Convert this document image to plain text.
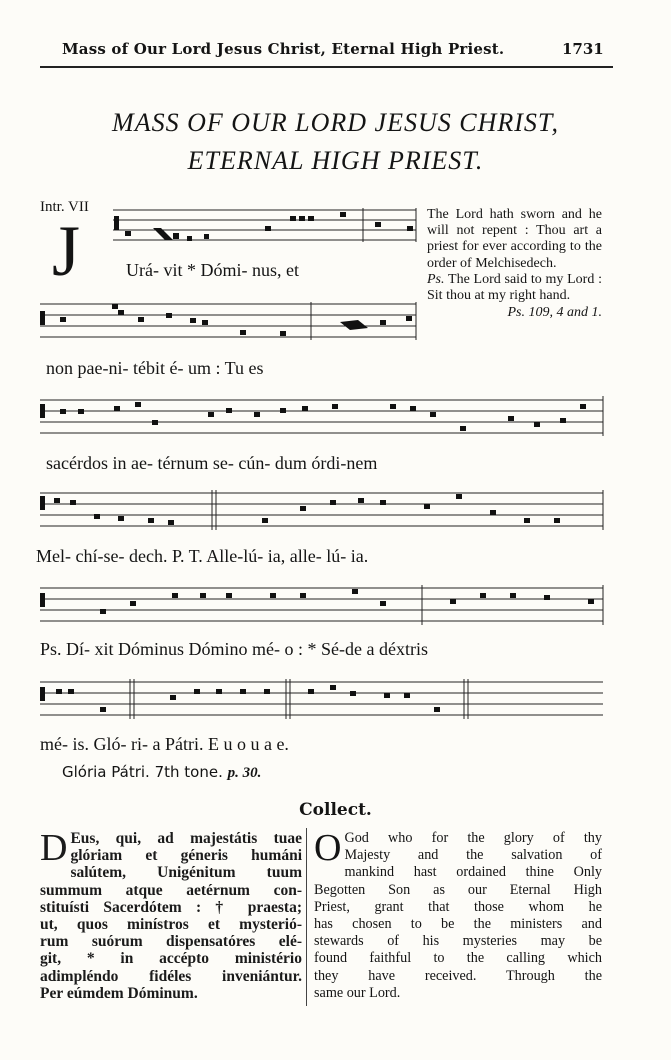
Mass of Our Lord Jesus Christ, Eternal High Priest.	1731
MASS OF OUR LORD JESUS CHRIST,
ETERNAL HIGH PRIEST.
Intr. VII
J	Urá- vit * Dómi- nus, et
non pae-ni- tébit é- um : Tu es
sacérdos in ae- térnum se- cún- dum órdi-nem
Mel- chí-se- dech. P. T. Alle-lú- ia, alle- lú- ia.
Ps. Dí- xit Dóminus Dómino mé- o : * Sé-de a déxtris
mé- is. Gló- ri- a Pátri. E u o u a e.

The Lord hath sworn and he will not repent : Thou art a priest for ever according to the order of Melchisedech.

Ps. The Lord said to my Lord : Sit thou at my right hand.

Ps. 109, 4 and 1.

Glória Pátri. 7th tone. p. 30.
Collect.
D Eus, qui, ad majestátis tuae
glóriam et géneris humáni
salútem, Unigénitum tuum
summum atque aetérnum con-
stituísti Sacerdótem : † praesta;
ut, quos minístros et mysterió-
rum suórum dispensatóres elé-
git, * in accépto ministério
adimpléndo fidéles inveniántur.
Per eúmdem Dóminum.
O God who for the glory of thy
Majesty and the salvation of
mankind hast ordained thine Only
Begotten Son as our Eternal High
Priest, grant that those whom he
has chosen to be the ministers and
stewards of his mysteries may be
found faithful to the calling which
they have received. Through the
same our Lord.
